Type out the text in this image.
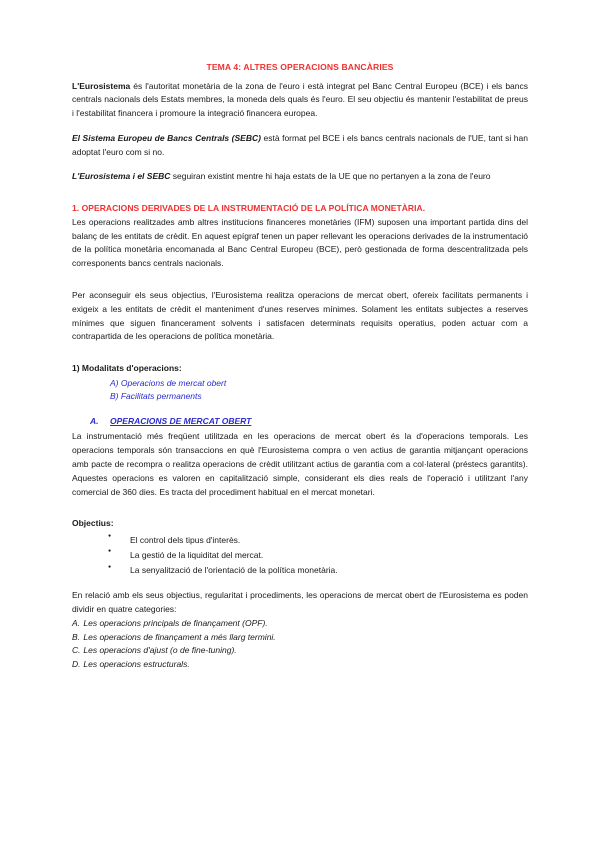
TEMA 4: ALTRES OPERACIONS BANCÀRIES

L'Eurosistema és l'autoritat monetària de la zona de l'euro i està integrat pel Banc Central Europeu (BCE) i els bancs centrals nacionals dels Estats membres, la moneda dels quals és l'euro. El seu objectiu és mantenir l'estabilitat de preus i l'estabilitat financera i promoure la integració financera europea.

El Sistema Europeu de Bancs Centrals (SEBC) està format pel BCE i els bancs centrals nacionals de l'UE, tant si han adoptat l'euro com si no.

L'Eurosistema i el SEBC seguiran existint mentre hi haja estats de la UE que no pertanyen a la zona de l'euro

1. OPERACIONS DERIVADES DE LA INSTRUMENTACIÓ DE LA POLÍTICA MONETÀRIA.

Les operacions realitzades amb altres institucions financeres monetàries (IFM) suposen una important partida dins del balanç de les entitats de crèdit. En aquest epígraf tenen un paper rellevant les operacions derivades de la instrumentació de la política monetària encomanada al Banc Central Europeu (BCE), però gestionada de forma descentralitzada pels corresponents bancs centrals nacionals.

Per aconseguir els seus objectius, l'Eurosistema realitza operacions de mercat obert, ofereix facilitats permanents i exigeix a les entitats de crèdit el manteniment d'unes reserves mínimes. Solament les entitats subjectes a reserves mínimes que siguen financerament solvents i satisfacen determinats requisits operatius, poden actuar com a contrapartida de les operacions de política monetària.

1) Modalitats d'operacions:
A) Operacions de mercat obert
B) Facilitats permanents
A. OPERACIONS DE MERCAT OBERT

La instrumentació més freqüent utilitzada en les operacions de mercat obert és la d'operacions temporals. Les operacions temporals són transaccions en què l'Eurosistema compra o ven actius de garantia mitjançant operacions amb pacte de recompra o realitza operacions de crèdit utilitzant actius de garantia com a col·lateral (préstecs garantits). Aquestes operacions es valoren en capitalització simple, considerant els dies reals de l'operació i utilitzant l'any comercial de 360 dies. Es tracta del procediment habitual en el mercat monetari.

Objectius:
● El control dels tipus d'interès.
● La gestió de la liquiditat del mercat.
● La senyalització de l'orientació de la política monetària.

En relació amb els seus objectius, regularitat i procediments, les operacions de mercat obert de l'Eurosistema es poden dividir en quatre categories:

A. Les operacions principals de finançament (OPF).
B. Les operacions de finançament a més llarg termini.
C. Les operacions d'ajust (o de fine-tuning).
D. Les operacions estructurals.
